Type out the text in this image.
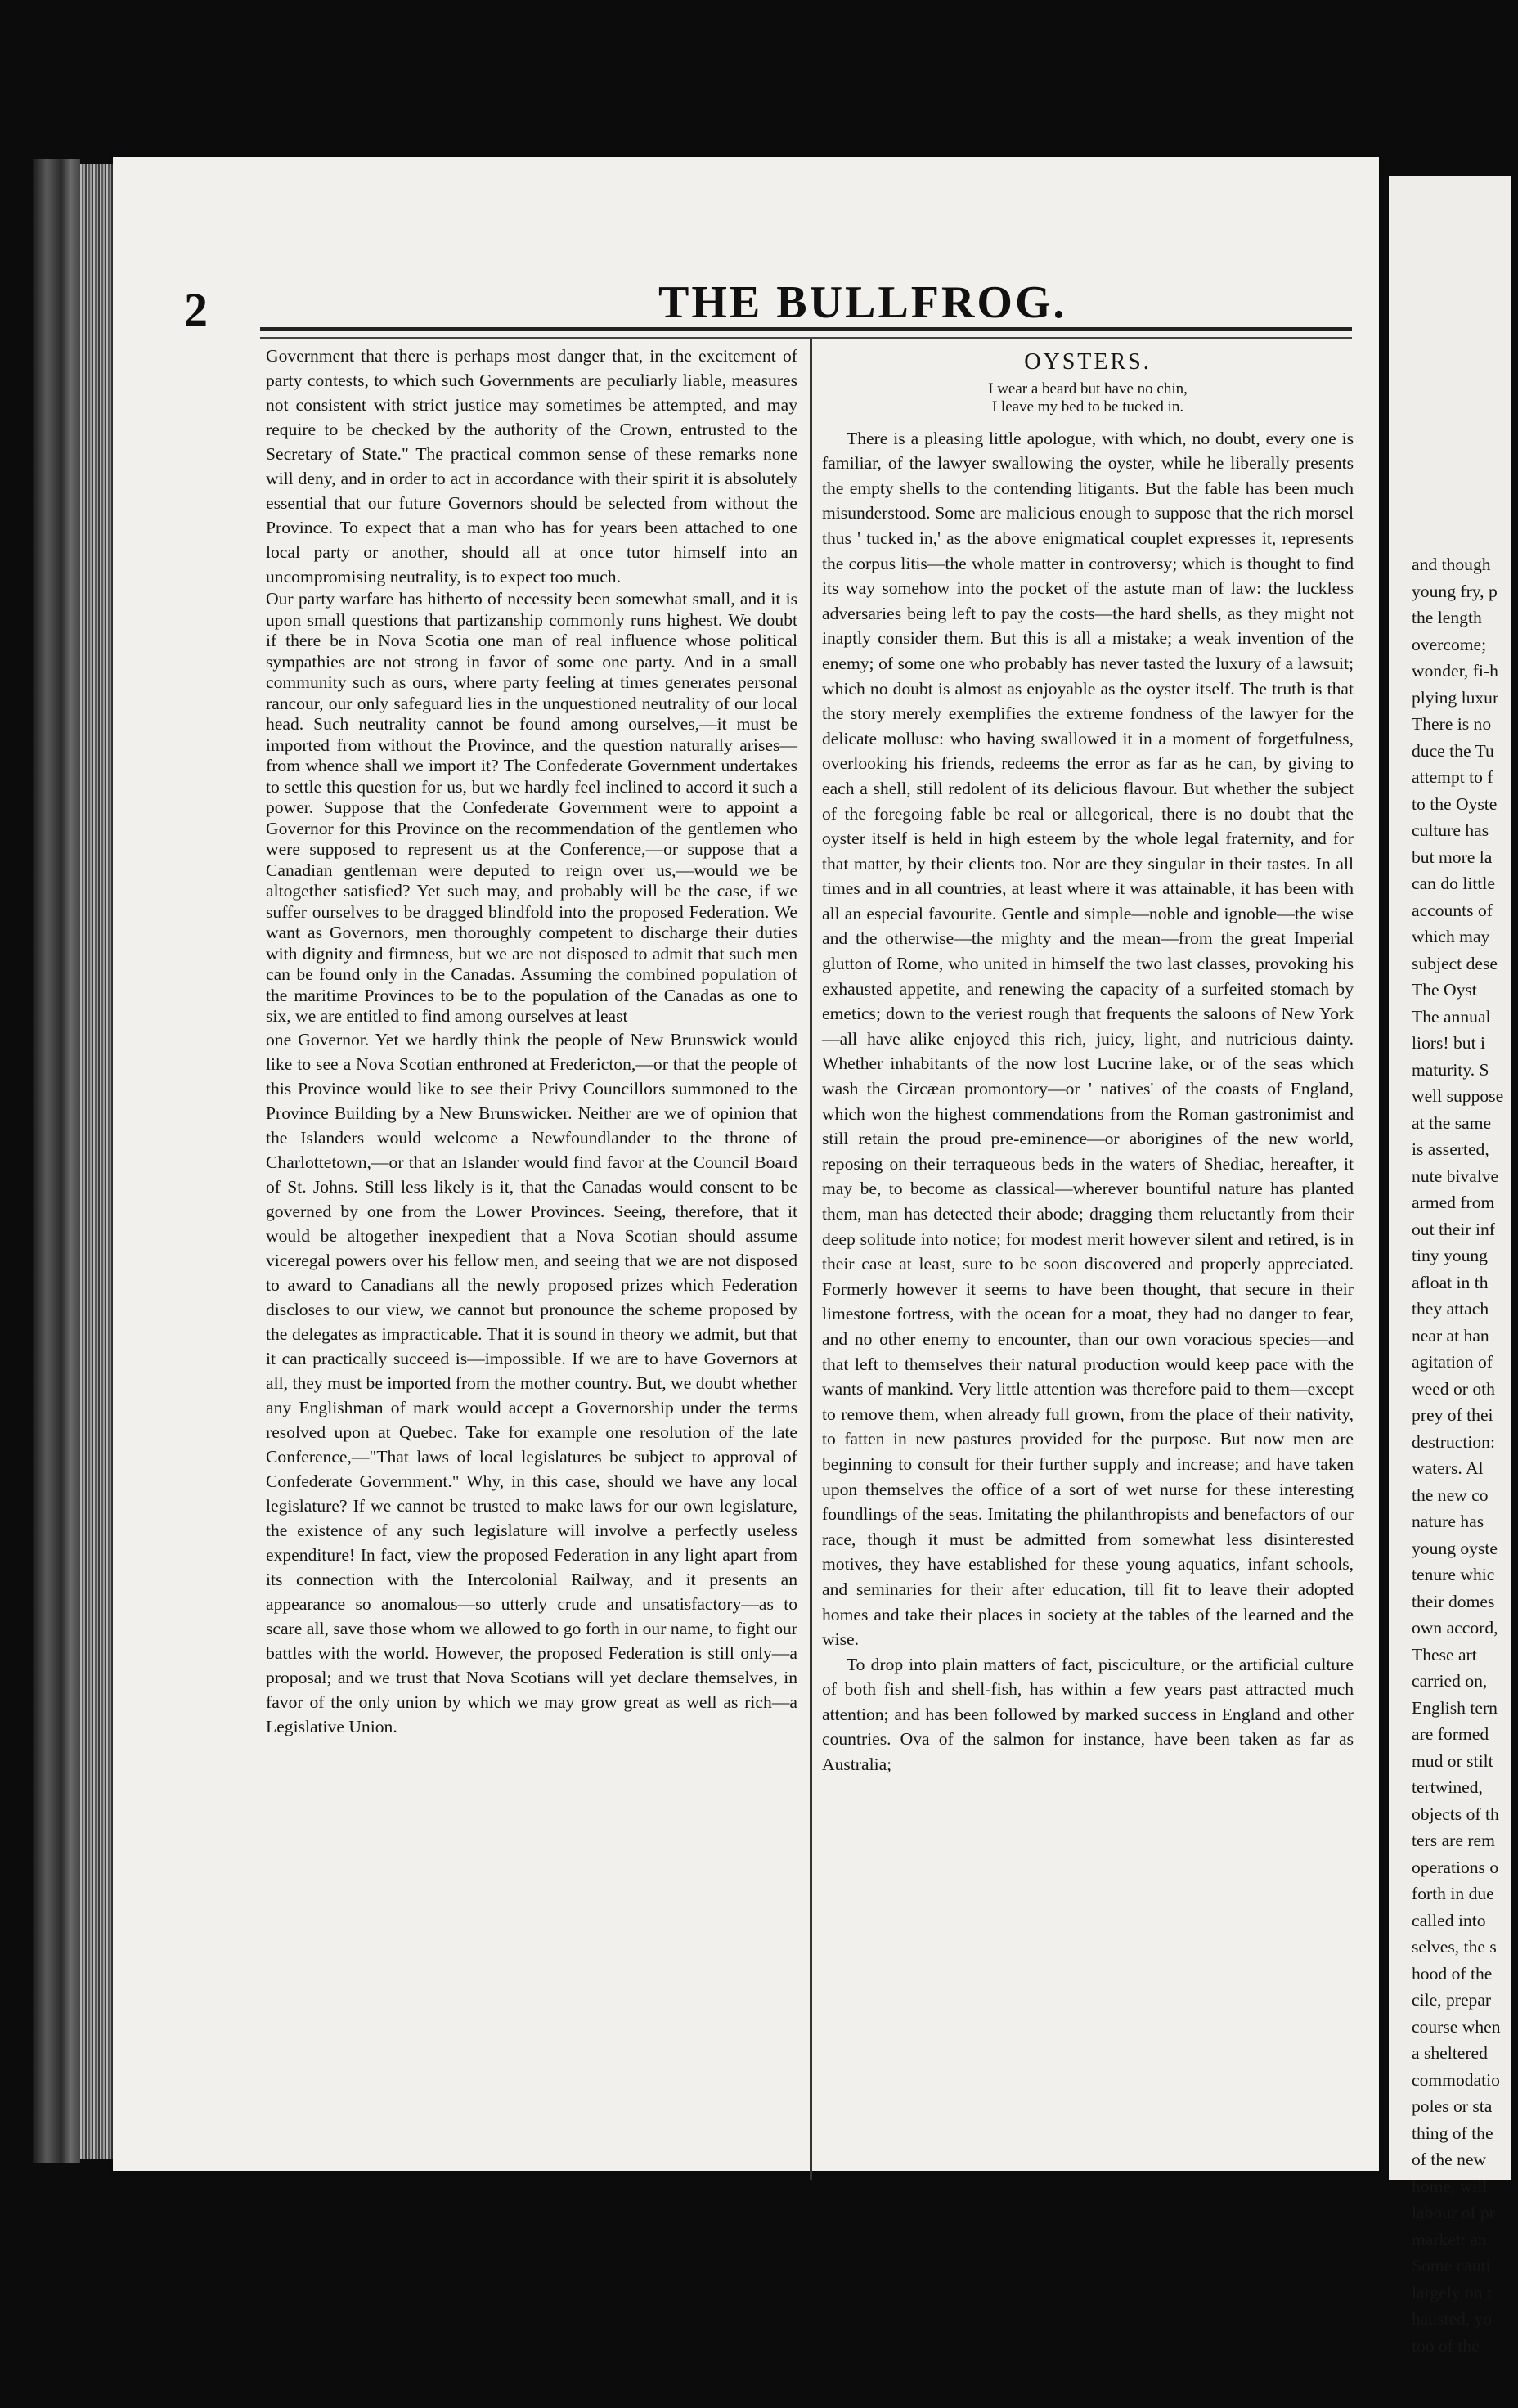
2	THE BULLFROG.

Government that there is perhaps most danger that, in the excitement of party contests, to which such Governments are peculiarly liable, measures not consistent with strict justice may sometimes be attempted, and may require to be checked by the authority of the Crown, entrusted to the Secretary of State." The practical common sense of these remarks none will deny, and in order to act in accordance with their spirit it is absolutely essential that our future Governors should be selected from without the Province. To expect that a man who has for years been attached to one local party or another, should all at once tutor himself into an uncompromising neutrality, is to expect too much.

Our party warfare has hitherto of necessity been somewhat small, and it is upon small questions that partizanship commonly runs highest. We doubt if there be in Nova Scotia one man of real influence whose political sympathies are not strong in favor of some one party. And in a small community such as ours, where party feeling at times generates personal rancour, our only safeguard lies in the unquestioned neutrality of our local head. Such neutrality cannot be found among ourselves,—it must be imported from without the Province, and the question naturally arises—from whence shall we import it? The Confederate Government undertakes to settle this question for us, but we hardly feel inclined to accord it such a power. Suppose that the Confederate Government were to appoint a Governor for this Province on the recommendation of the gentlemen who were supposed to represent us at the Conference,—or suppose that a Canadian gentleman were deputed to reign over us,—would we be altogether satisfied? Yet such may, and probably will be the case, if we suffer ourselves to be dragged blindfold into the proposed Federation. We want as Governors, men thoroughly competent to discharge their duties with dignity and firmness, but we are not disposed to admit that such men can be found only in the Canadas. Assuming the combined population of the maritime Provinces to be to the population of the Canadas as one to six, we are entitled to find among ourselves at least

one Governor. Yet we hardly think the people of New Brunswick would like to see a Nova Scotian enthroned at Fredericton,—or that the people of this Province would like to see their Privy Councillors summoned to the Province Building by a New Brunswicker. Neither are we of opinion that the Islanders would welcome a Newfoundlander to the throne of Charlottetown,—or that an Islander would find favor at the Council Board of St. Johns. Still less likely is it, that the Canadas would consent to be governed by one from the Lower Provinces. Seeing, therefore, that it would be altogether inexpedient that a Nova Scotian should assume viceregal powers over his fellow men, and seeing that we are not disposed to award to Canadians all the newly proposed prizes which Federation discloses to our view, we cannot but pronounce the scheme proposed by the delegates as impracticable. That it is sound in theory we admit, but that it can practically succeed is—impossible. If we are to have Governors at all, they must be imported from the mother country. But, we doubt whether any Englishman of mark would accept a Governorship under the terms resolved upon at Quebec. Take for example one resolution of the late Conference,—"That laws of local legislatures be subject to approval of Confederate Government." Why, in this case, should we have any local legislature? If we cannot be trusted to make laws for our own legislature, the existence of any such legislature will involve a perfectly useless expenditure! In fact, view the proposed Federation in any light apart from its connection with the Intercolonial Railway, and it presents an appearance so anomalous—so utterly crude and unsatisfactory—as to scare all, save those whom we allowed to go forth in our name, to fight our battles with the world. However, the proposed Federation is still only—a proposal; and we trust that Nova Scotians will yet declare themselves, in favor of the only union by which we may grow great as well as rich—a Legislative Union.

OYSTERS.
I wear a beard but have no chin,
I leave my bed to be tucked in.

There is a pleasing little apologue, with which, no doubt, every one is familiar, of the lawyer swallowing the oyster, while he liberally presents the empty shells to the contending litigants. But the fable has been much misunderstood. Some are malicious enough to suppose that the rich morsel thus ' tucked in,' as the above enigmatical couplet expresses it, represents the corpus litis—the whole matter in controversy; which is thought to find its way somehow into the pocket of the astute man of law: the luckless adversaries being left to pay the costs—the hard shells, as they might not inaptly consider them. But this is all a mistake; a weak invention of the enemy; of some one who probably has never tasted the luxury of a lawsuit; which no doubt is almost as enjoyable as the oyster itself. The truth is that the story merely exemplifies the extreme fondness of the lawyer for the delicate mollusc: who having swallowed it in a moment of forgetfulness, overlooking his friends, redeems the error as far as he can, by giving to each a shell, still redolent of its delicious flavour. But whether the subject of the foregoing fable be real or allegorical, there is no doubt that the oyster itself is held in high esteem by the whole legal fraternity, and for that matter, by their clients too. Nor are they singular in their tastes. In all times and in all countries, at least where it was attainable, it has been with all an especial favourite. Gentle and simple—noble and ignoble—the wise and the otherwise—the mighty and the mean—from the great Imperial glutton of Rome, who united in himself the two last classes, provoking his exhausted appetite, and renewing the capacity of a surfeited stomach by emetics; down to the veriest rough that frequents the saloons of New York—all have alike enjoyed this rich, juicy, light, and nutricious dainty. Whether inhabitants of the now lost Lucrine lake, or of the seas which wash the Circæan promontory—or ' natives' of the coasts of England, which won the highest commendations from the Roman gastronimist and still retain the proud pre-eminence—or aborigines of the new world, reposing on their terraqueous beds in the waters of Shediac, hereafter, it may be, to become as classical—wherever bountiful nature has planted them, man has detected their abode; dragging them reluctantly from their deep solitude into notice; for modest merit however silent and retired, is in their case at least, sure to be soon discovered and properly appreciated. Formerly however it seems to have been thought, that secure in their limestone fortress, with the ocean for a moat, they had no danger to fear, and no other enemy to encounter, than our own voracious species—and that left to themselves their natural production would keep pace with the wants of mankind. Very little attention was therefore paid to them—except to remove them, when already full grown, from the place of their nativity, to fatten in new pastures provided for the purpose. But now men are beginning to consult for their further supply and increase; and have taken upon themselves the office of a sort of wet nurse for these interesting foundlings of the seas. Imitating the philanthropists and benefactors of our race, though it must be admitted from somewhat less disinterested motives, they have established for these young aquatics, infant schools, and seminaries for their after education, till fit to leave their adopted homes and take their places in society at the tables of the learned and the wise.

To drop into plain matters of fact, pisciculture, or the artificial culture of both fish and shell-fish, has within a few years past attracted much attention; and has been followed by marked success in England and other countries. Ova of the salmon for instance, have been taken as far as Australia;

and though
young fry, p
the length
overcome;
wonder, fi-h
plying luxur
There is no
duce the Tu
attempt to f
to the Oyste
culture has
but more la
can do little
accounts of
which may
subject dese
The Oyst
The annual
liors! but i
maturity. S
well suppose
at the same
is asserted,
nute bivalve
armed from
out their inf
tiny young
afloat in th
they attach
near at han
agitation of
weed or oth
prey of thei
destruction:
waters. Al
the new co
nature has
young oyste
tenure whic
their domes
own accord,
These art
carried on,
English tern
are formed
mud or stilt
tertwined,
objects of th
ters are rem
operations o
forth in due
called into
selves, the s
hood of the
cile, prepar
course when
a sheltered
commodatio
poles or sta
thing of the
of the new
home, will
labour of pr
market: an
Some cauti
largely on t
hausted, yo
too of the
